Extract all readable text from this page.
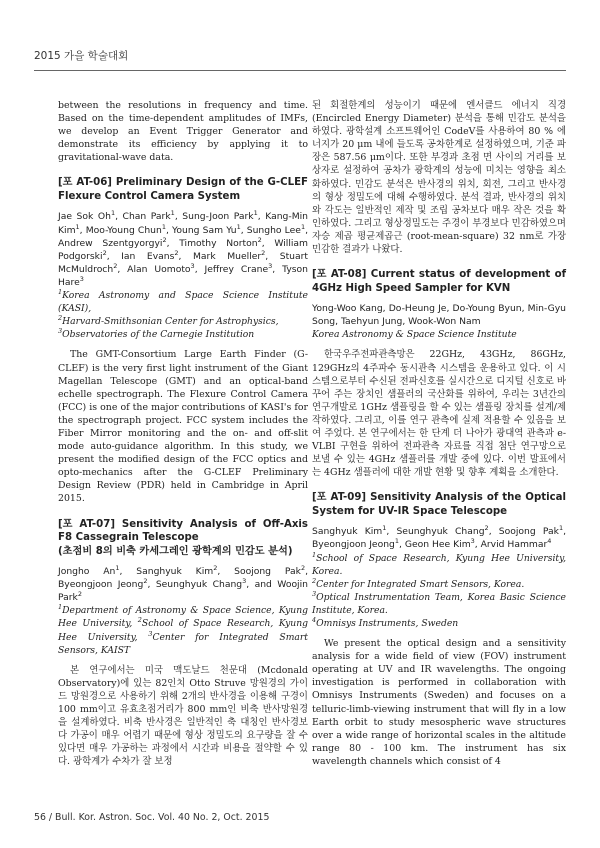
2015 가을 학술대회

between the resolutions in frequency and time. Based on the time-dependent amplitudes of IMFs, we develop an Event Trigger Generator and demonstrate its efficiency by applying it to gravitational-wave data.

[포 AT-06] Preliminary Design of the G-CLEF Flexure Control Camera System

Jae Sok Oh$^1$, Chan Park$^1$, Sung-Joon Park$^1$, Kang-Min Kim$^1$, Moo-Young Chun$^1$, Young Sam Yu$^1$, Sungho Lee$^1$, Andrew Szentgyorgyi$^2$, Timothy Norton$^2$, William Podgorski$^2$, Ian Evans$^2$, Mark Mueller$^2$, Stuart McMuldroch$^2$, Alan Uomoto$^3$, Jeffrey Crane$^3$, Tyson Hare$^3$

$^1$Korea Astronomy and Space Science Institute (KASI),
$^2$Harvard-Smithsonian Center for Astrophysics,
$^3$Observatories of the Carnegie Institution

The GMT-Consortium Large Earth Finder (G-CLEF) is the very first light instrument of the Giant Magellan Telescope (GMT) and an optical-band echelle spectrograph. The Flexure Control Camera (FCC) is one of the major contributions of KASI's for the spectrograph project. FCC system includes the Fiber Mirror monitoring and the on- and off-slit mode auto-guidance algorithm. In this study, we present the modified design of the FCC optics and opto-mechanics after the G-CLEF Preliminary Design Review (PDR) held in Cambridge in April 2015.

[포 AT-07] Sensitivity Analysis of Off-Axis F8 Cassegrain Telescope

(초점비 8의 비축 카세그레인 광학계의 민감도 분석)

Jongho An$^1$, Sanghyuk Kim$^2$, Soojong Pak$^2$, Byeongjoon Jeong$^2$, Seunghyuk Chang$^3$, and Woojin Park$^2$

$^1$Department of Astronomy & Space Science, Kyung Hee University, $^2$School of Space Research, Kyung Hee University, $^3$Center for Integrated Smart Sensors, KAIST

본 연구에서는 미국 맥도날드 천문대 (Mcdonald Observatory)에 있는 82인치 Otto Struve 망원경의 가이드 망원경으로 사용하기 위해 2개의 반사경을 이용해 구경이 100 mm이고 유효초점거리가 800 mm인 비축 반사망원경을 설계하였다. 비축 반사경은 일반적인 축 대칭인 반사경보다 가공이 매우 어렵기 때문에 형상 정밀도의 요구량을 잘 수 있다면 매우 가공하는 과정에서 시간과 비용을 절약할 수 있다. 광학계가 수차가 잘 보정

된 회절한계의 성능이기 때문에 엔서클드 에너지 직경 (Encircled Energy Diameter) 분석을 통해 민감도 분석을 하였다. 광학설계 소프트웨어인 CodeV를 사용하여 80 % 에너지가 20 μm 내에 들도록 공차한계로 설정하였으며, 기준 파장은 587.56 μm이다. 또한 부경과 초점 면 사이의 거리를 보상자로 설정하여 공차가 광학계의 성능에 미치는 영향을 최소화하였다. 민감도 분석은 반사경의 위치, 회전, 그리고 반사경의 형상 정밀도에 대해 수행하였다. 분석 결과, 반사경의 위치와 각도는 일반적인 제작 및 조립 공차보다 매우 작은 것을 확인하였다. 그리고 형상정밀도는 주경이 부경보다 민감하였으며 자승 제곱 평균제곱근 (root-mean-square) 32 nm로 가장 민감한 결과가 나왔다.

[포 AT-08] Current status of development of 4GHz High Speed Sampler for KVN

Yong-Woo Kang, Do-Heung Je, Do-Young Byun, Min-Gyu Song, Taehyun Jung, Wook-Won Nam

Korea Astronomy & Space Science Institute

한국우주전파관측망은 22GHz, 43GHz, 86GHz, 129GHz의 4주파수 동시관측 시스템을 운용하고 있다. 이 시스템으로부터 수신된 전파신호를 실시간으로 디지털 신호로 바꾸어 주는 장치인 샘플러의 국산화를 위하여, 우리는 3년간의 연구개발로 1GHz 샘플링을 할 수 있는 샘플링 장치를 설계/제작하였다. 그리고, 이를 연구 관측에 실제 적용할 수 있음을 보여 주었다. 본 연구에서는 한 단계 더 나아가 광대역 관측과 e-VLBI 구현을 위하여 전파관측 자료를 직접 첨단 연구망으로 보낼 수 있는 4GHz 샘플러를 개발 중에 있다. 이번 발표에서는 4GHz 샘플러에 대한 개발 현황 및 향후 계획을 소개한다.

[포 AT-09] Sensitivity Analysis of the Optical System for UV-IR Space Telescope

Sanghyuk Kim$^1$, Seunghyuk Chang$^2$, Soojong Pak$^1$, Byeongjoon Jeong$^1$, Geon Hee Kim$^3$, Arvid Hammar$^4$

$^1$School of Space Research, Kyung Hee University, Korea.
$^2$Center for Integrated Smart Sensors, Korea.
$^3$Optical Instrumentation Team, Korea Basic Science Institute, Korea.
$^4$Omnisys Instruments, Sweden

We present the optical design and a sensitivity analysis for a wide field of view (FOV) instrument operating at UV and IR wavelengths. The ongoing investigation is performed in collaboration with Omnisys Instruments (Sweden) and focuses on a telluric-limb-viewing instrument that will fly in a low Earth orbit to study mesospheric wave structures over a wide range of horizontal scales in the altitude range 80 - 100 km. The instrument has six wavelength channels which consist of 4

56 / Bull. Kor. Astron. Soc. Vol. 40 No. 2, Oct. 2015
